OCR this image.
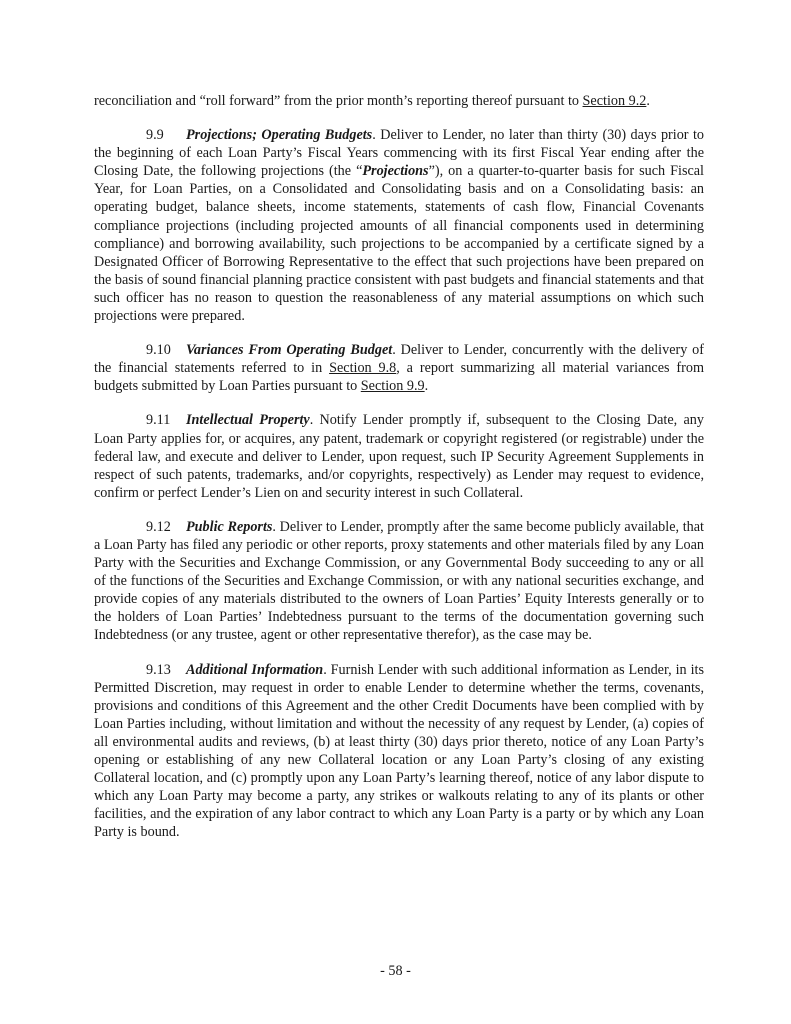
reconciliation and “roll forward” from the prior month’s reporting thereof pursuant to Section 9.2.

9.9 Projections; Operating Budgets. Deliver to Lender, no later than thirty (30) days prior to the beginning of each Loan Party’s Fiscal Years commencing with its first Fiscal Year ending after the Closing Date, the following projections (the “Projections”), on a quarter-to-quarter basis for such Fiscal Year, for Loan Parties, on a Consolidated and Consolidating basis and on a Consolidating basis: an operating budget, balance sheets, income statements, statements of cash flow, Financial Covenants compliance projections (including projected amounts of all financial components used in determining compliance) and borrowing availability, such projections to be accompanied by a certificate signed by a Designated Officer of Borrowing Representative to the effect that such projections have been prepared on the basis of sound financial planning practice consistent with past budgets and financial statements and that such officer has no reason to question the reasonableness of any material assumptions on which such projections were prepared.

9.10 Variances From Operating Budget. Deliver to Lender, concurrently with the delivery of the financial statements referred to in Section 9.8, a report summarizing all material variances from budgets submitted by Loan Parties pursuant to Section 9.9.

9.11 Intellectual Property. Notify Lender promptly if, subsequent to the Closing Date, any Loan Party applies for, or acquires, any patent, trademark or copyright registered (or registrable) under the federal law, and execute and deliver to Lender, upon request, such IP Security Agreement Supplements in respect of such patents, trademarks, and/or copyrights, respectively) as Lender may request to evidence, confirm or perfect Lender’s Lien on and security interest in such Collateral.

9.12 Public Reports. Deliver to Lender, promptly after the same become publicly available, that a Loan Party has filed any periodic or other reports, proxy statements and other materials filed by any Loan Party with the Securities and Exchange Commission, or any Governmental Body succeeding to any or all of the functions of the Securities and Exchange Commission, or with any national securities exchange, and provide copies of any materials distributed to the owners of Loan Parties’ Equity Interests generally or to the holders of Loan Parties’ Indebtedness pursuant to the terms of the documentation governing such Indebtedness (or any trustee, agent or other representative therefor), as the case may be.

9.13 Additional Information. Furnish Lender with such additional information as Lender, in its Permitted Discretion, may request in order to enable Lender to determine whether the terms, covenants, provisions and conditions of this Agreement and the other Credit Documents have been complied with by Loan Parties including, without limitation and without the necessity of any request by Lender, (a) copies of all environmental audits and reviews, (b) at least thirty (30) days prior thereto, notice of any Loan Party’s opening or establishing of any new Collateral location or any Loan Party’s closing of any existing Collateral location, and (c) promptly upon any Loan Party’s learning thereof, notice of any labor dispute to which any Loan Party may become a party, any strikes or walkouts relating to any of its plants or other facilities, and the expiration of any labor contract to which any Loan Party is a party or by which any Loan Party is bound.

- 58 -
